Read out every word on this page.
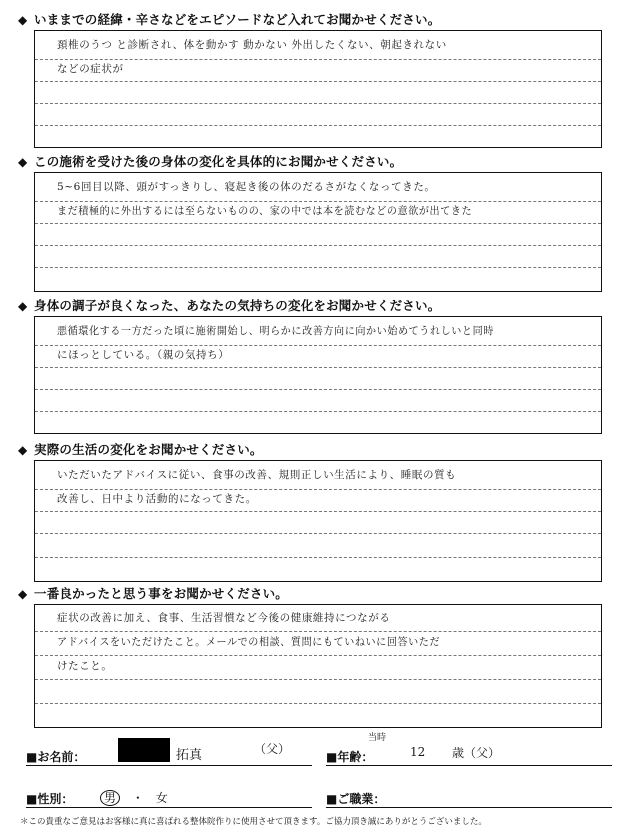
◆ いままでの経緯・辛さなどをエピソードなど入れてお聞かせください。
頚椎のうつ と診断され、体を動かす 動かない 外出したくない、朝起きれない
などの症状が
◆ この施術を受けた後の身体の変化を具体的にお聞かせください。
5~6回目以降、頭がすっきりし、寝起き後の体のだるさがなくなってきた。
まだ積極的に外出するには至らないものの、家の中では本を読むなどの意欲が出てきた
◆ 身体の調子が良くなった、あなたの気持ちの変化をお聞かせください。
悪循環化する一方だった頃に施術開始し、明らかに改善方向に向かい始めてうれしいと同時
にほっとしている。（親の気持ち）
◆ 実際の生活の変化をお聞かせください。
いただいたアドバイスに従い、食事の改善、規則正しい生活により、睡眠の質も
改善し、日中より活動的になってきた。
◆ 一番良かったと思う事をお聞かせください。
症状の改善に加え、食事、生活習慣など今後の健康維持につながる
アドバイスをいただけたこと。メールでの相談、質問にもていねいに回答いただ
けたこと。
■お名前：	拓真	（父）
当時
■年齢：	12 歳（父）
■性別：	男 ・ 女	■ご職業：
＊この貴重なご意見はお客様に真に喜ばれる整体院作りに使用させて頂きます。ご協力頂き誠にありがとうございました。
